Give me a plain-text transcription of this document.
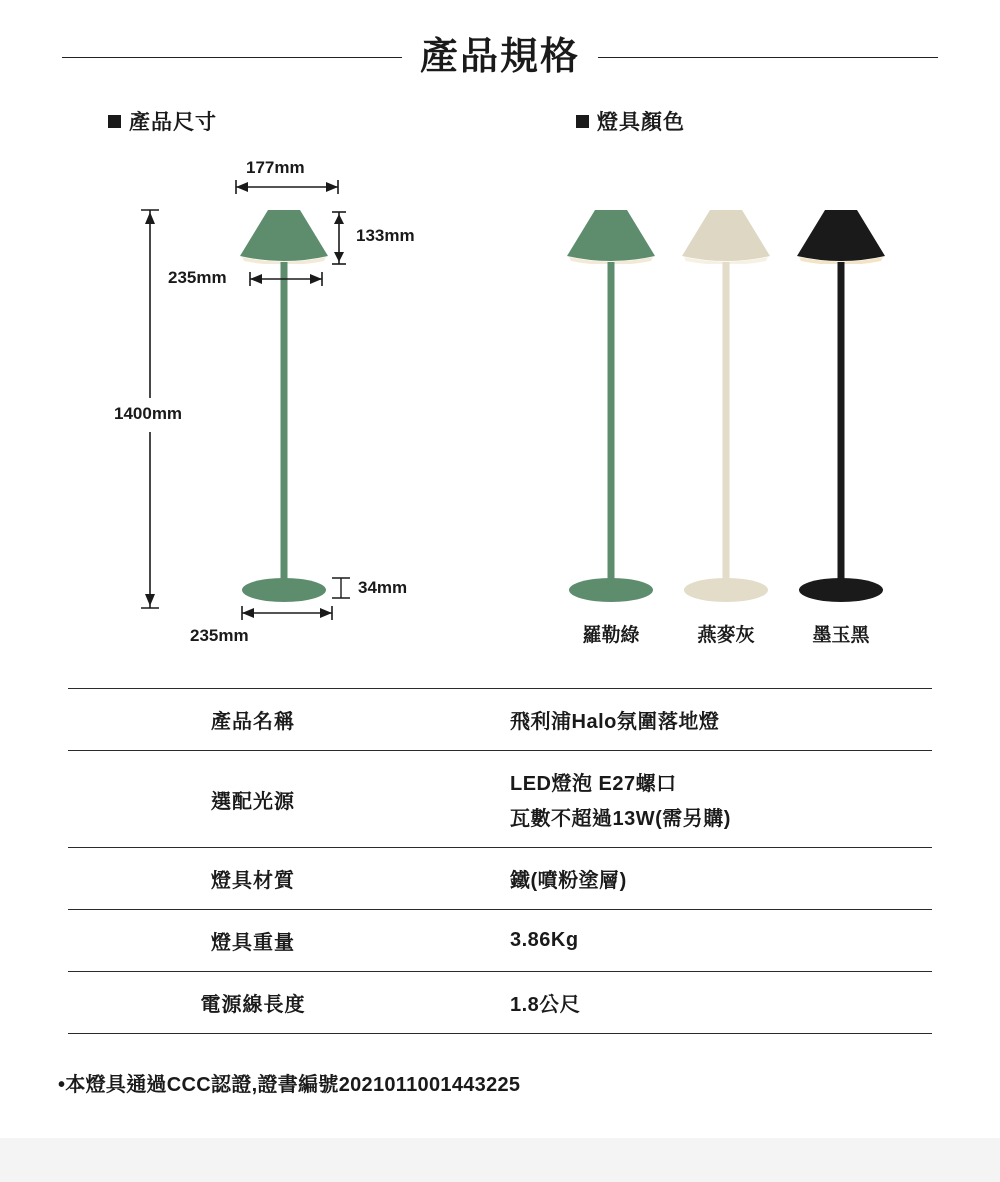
產品規格
產品尺寸	燈具顏色
177mm
133mm
235mm
1400mm
34mm
235mm	羅勒綠	燕麥灰	墨玉黑
產品名稱	飛利浦Halo氛圍落地燈

選配光源	LED燈泡 E27螺口
瓦數不超過13W(需另購)

燈具材質	鐵(噴粉塗層)

燈具重量	3.86Kg

電源線長度	1.8公尺
•本燈具通過CCC認證,證書編號2021011001443225
